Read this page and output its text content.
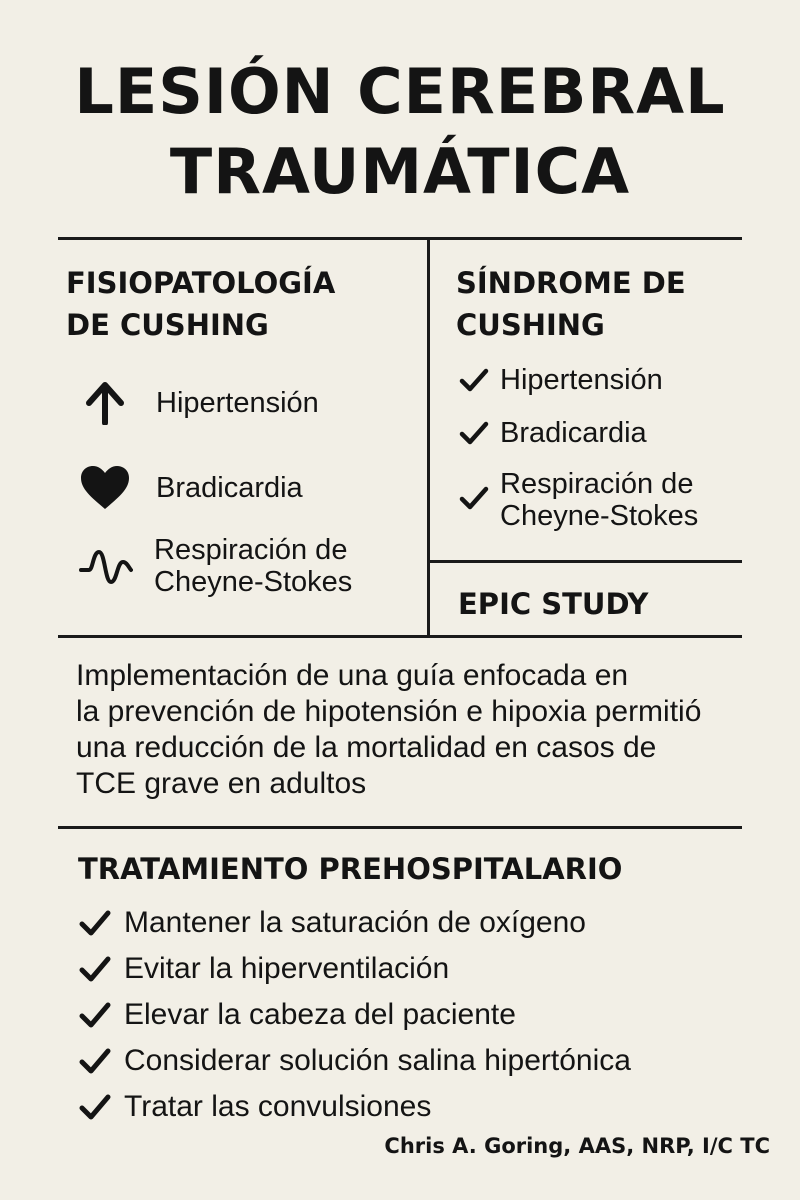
LESIÓN CEREBRAL
TRAUMÁTICA
FISIOPATOLOGÍA
DE CUSHING
Hipertensión
Bradicardia
Respiración de
Cheyne-Stokes
SÍNDROME DE
CUSHING
Hipertensión
Bradicardia
Respiración de
Cheyne-Stokes
EPIC STUDY
Implementación de una guía enfocada en
la prevención de hipotensión e hipoxia permitió
una reducción de la mortalidad en casos de
TCE grave en adultos
TRATAMIENTO PREHOSPITALARIO
Mantener la saturación de oxígeno
Evitar la hiperventilación
Elevar la cabeza del paciente
Considerar solución salina hipertónica
Tratar las convulsiones
Chris A. Goring, AAS, NRP, I/C TC
